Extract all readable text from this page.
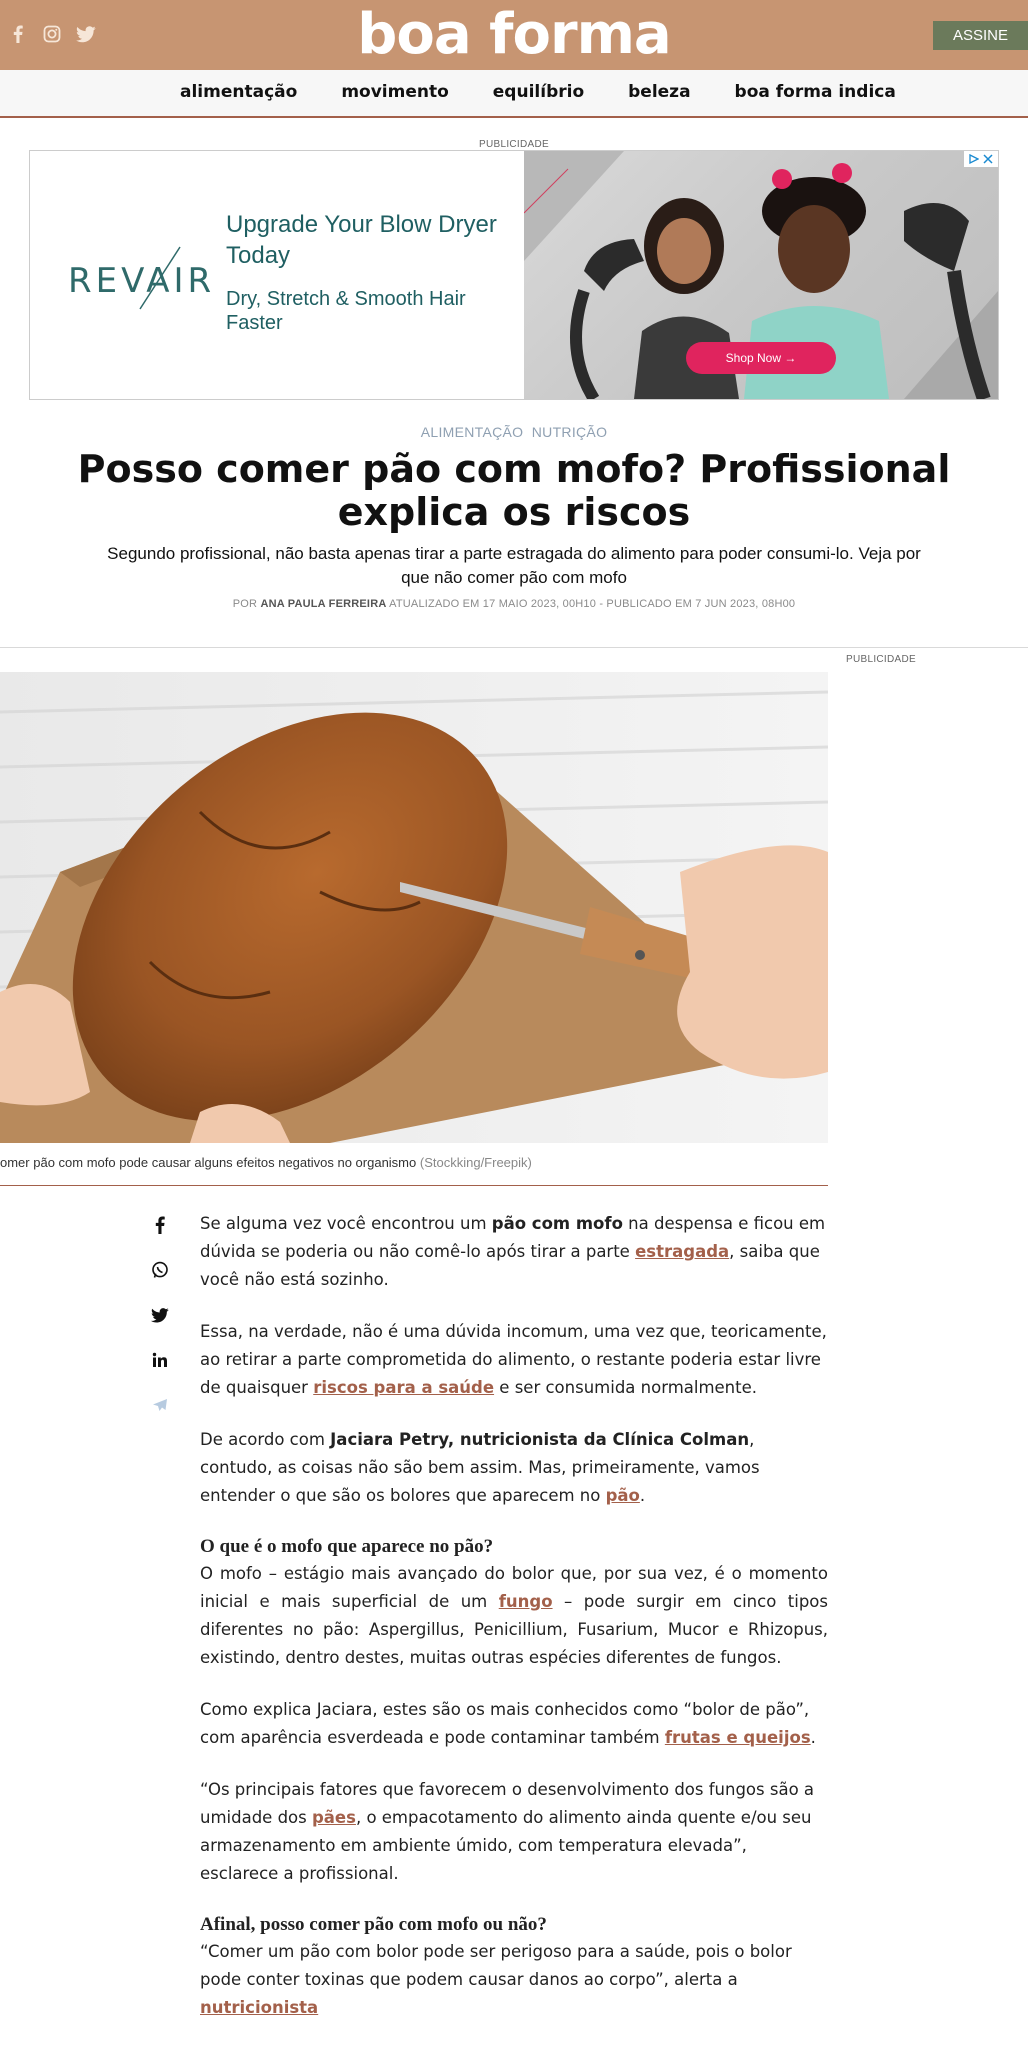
boa forma	ASSINE
alimentação	movimento	equilíbrio	beleza	boa forma indica
PUBLICIDADE
REVAIR
Upgrade Your Blow Dryer Today
Dry, Stretch & Smooth Hair Faster
Shop Now →
ALIMENTAÇÃO NUTRIÇÃO
Posso comer pão com mofo? Profissional explica os riscos

Segundo profissional, não basta apenas tirar a parte estragada do alimento para poder consumi-lo. Veja por que não comer pão com mofo

POR ANA PAULA FERREIRA ATUALIZADO EM 17 MAIO 2023, 00H10 - PUBLICADO EM 7 JUN 2023, 08H00
PUBLICIDADE
omer pão com mofo pode causar alguns efeitos negativos no organismo (Stockking/Freepik)

Se alguma vez você encontrou um pão com mofo na despensa e ficou em dúvida se poderia ou não comê-lo após tirar a parte estragada, saiba que você não está sozinho.

Essa, na verdade, não é uma dúvida incomum, uma vez que, teoricamente, ao retirar a parte comprometida do alimento, o restante poderia estar livre de quaisquer riscos para a saúde e ser consumida normalmente.

De acordo com Jaciara Petry, nutricionista da Clínica Colman, contudo, as coisas não são bem assim. Mas, primeiramente, vamos entender o que são os bolores que aparecem no pão.

O que é o mofo que aparece no pão?

O mofo – estágio mais avançado do bolor que, por sua vez, é o momento inicial e mais superficial de um fungo – pode surgir em cinco tipos diferentes no pão: Aspergillus, Penicillium, Fusarium, Mucor e Rhizopus, existindo, dentro destes, muitas outras espécies diferentes de fungos.

Como explica Jaciara, estes são os mais conhecidos como “bolor de pão”, com aparência esverdeada e pode contaminar também frutas e queijos.

“Os principais fatores que favorecem o desenvolvimento dos fungos são a umidade dos pães, o empacotamento do alimento ainda quente e/ou seu armazenamento em ambiente úmido, com temperatura elevada”, esclarece a profissional.

Afinal, posso comer pão com mofo ou não?

“Comer um pão com bolor pode ser perigoso para a saúde, pois o bolor pode conter toxinas que podem causar danos ao corpo”, alerta a nutricionista
